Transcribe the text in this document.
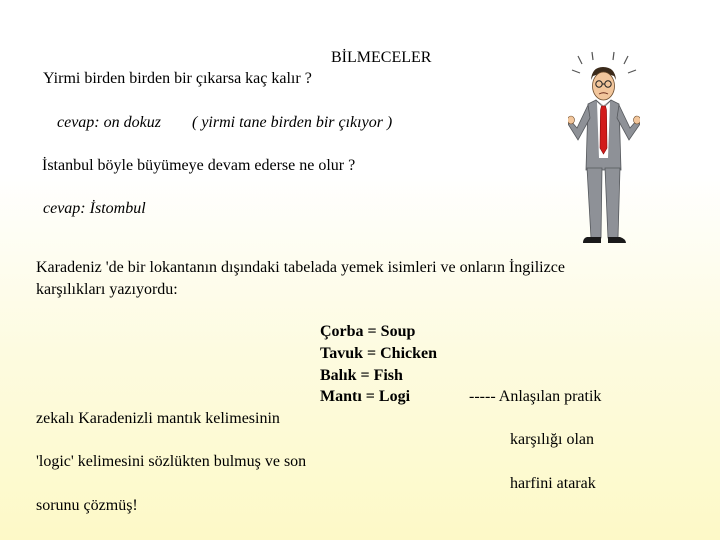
BİLMECELER
Yirmi birden birden bir çıkarsa kaç kalır ?
cevap: on dokuz ( yirmi tane birden bir çıkıyor )
İstanbul böyle büyümeye devam ederse ne olur ?
cevap: İstombul
Karadeniz 'de bir lokantanın dışındaki tabelada yemek isimleri ve onların İngilizce
karşılıkları yazıyordu:
Çorba = Soup
Tavuk = Chicken
Balık = Fish
Mantı = Logi	----- Anlaşılan pratik
karşılığı olan
harfini atarak
zekalı Karadenizli mantık kelimesinin
'logic' kelimesini sözlükten bulmuş ve son
sorunu çözmüş!
